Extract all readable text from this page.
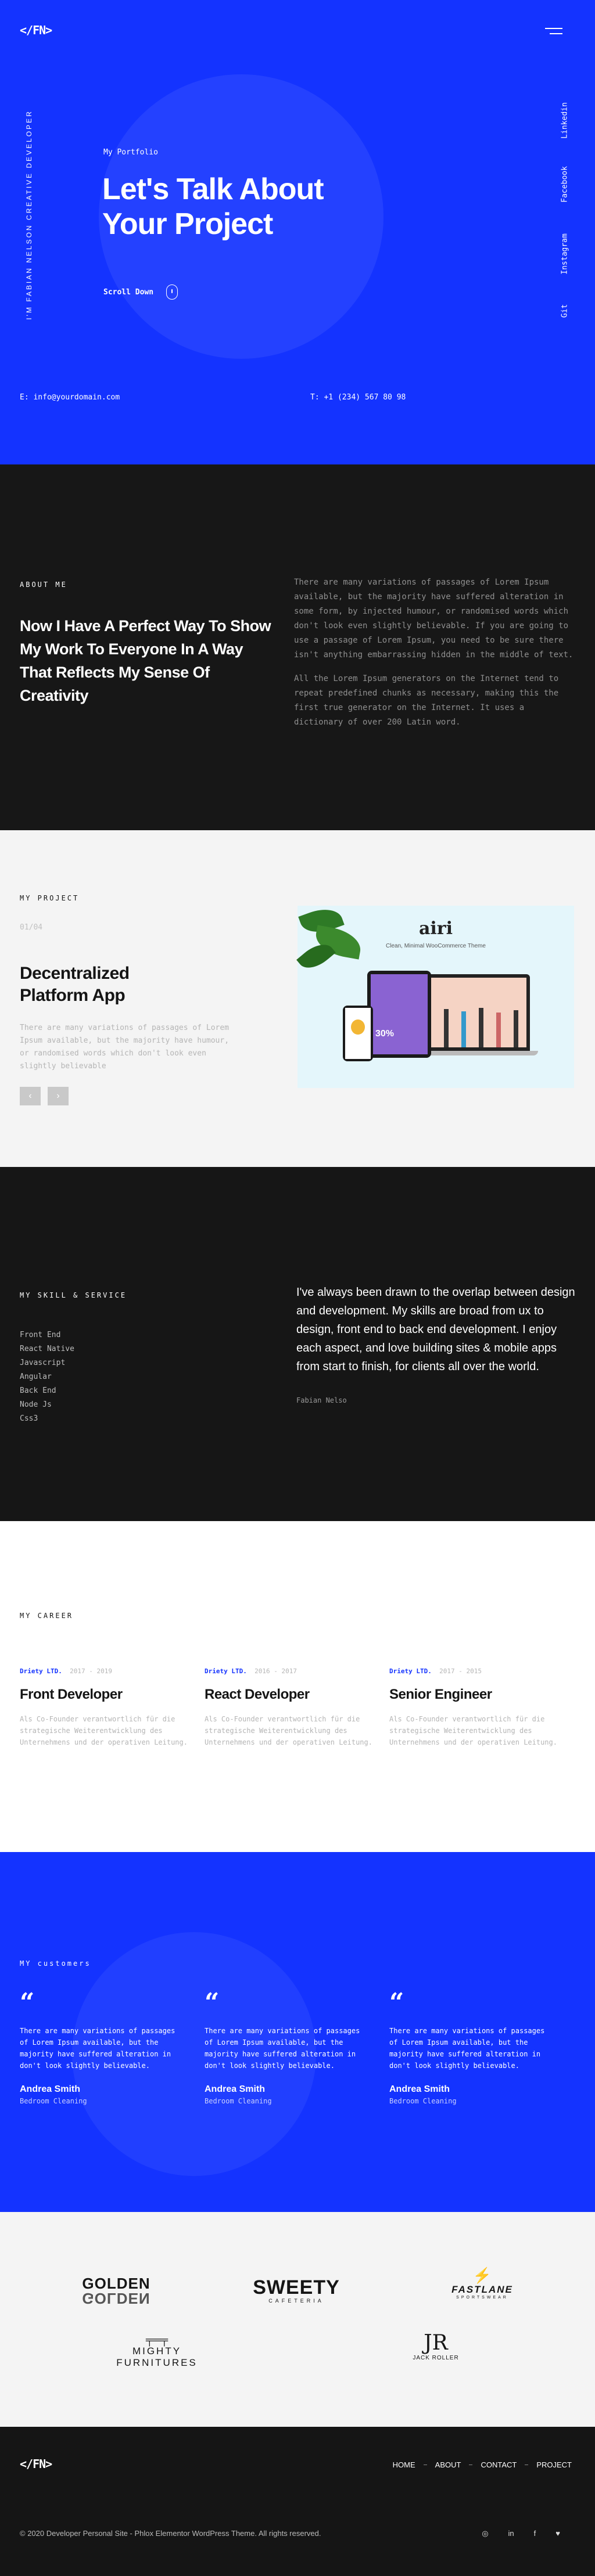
</FN>
I'M FABIAN NELSON CREATIVE DEVELOPER	Linkedin
Facebook
Instagram
Git
My Portfolio
Let's Talk About
Your Project
Scroll Down
E: info@yourdomain.com	T: +1 (234) 567 80 98
ABOUT ME
Now I Have A Perfect Way To Show My Work To Everyone In A Way That Reflects My Sense Of Creativity

There are many variations of passages of Lorem Ipsum available, but the majority have suffered alteration in some form, by injected humour, or randomised words which don't look even slightly believable. If you are going to use a passage of Lorem Ipsum, you need to be sure there isn't anything embarrassing hidden in the middle of text.

All the Lorem Ipsum generators on the Internet tend to repeat predefined chunks as necessary, making this the first true generator on the Internet. It uses a dictionary of over 200 Latin word.

MY PROJECT
01/04
Decentralized Platform App
There are many variations of passages of Lorem Ipsum available, but the majority have humour, or randomised words which don't look even slightly believable
‹	›
airi
Clean, Minimal WooCommerce Theme
30%
MY SKILL & SERVICE
Front End
React Native
Javascript
Angular
Back End
Node Js
Css3
I've always been drawn to the overlap between design and development. My skills are broad from ux to design, front end to back end development. I enjoy each aspect, and love building sites & mobile apps from start to finish, for clients all over the world.
Fabian Nelso
MY CAREER
Driety LTD. 2017 - 2019
Front Developer
Als Co-Founder verantwortlich für die strategische Weiterentwicklung des Unternehmens und der operativen Leitung.
Driety LTD. 2016 - 2017
React Developer
Als Co-Founder verantwortlich für die strategische Weiterentwicklung des Unternehmens und der operativen Leitung.
Driety LTD. 2017 - 2015
Senior Engineer
Als Co-Founder verantwortlich für die strategische Weiterentwicklung des Unternehmens und der operativen Leitung.
MY customers
“
There are many variations of passages of Lorem Ipsum available, but the majority have suffered alteration in don't look slightly believable.
Andrea Smith
Bedroom Cleaning
“
There are many variations of passages of Lorem Ipsum available, but the majority have suffered alteration in don't look slightly believable.
Andrea Smith
Bedroom Cleaning
“
There are many variations of passages of Lorem Ipsum available, but the majority have suffered alteration in don't look slightly believable.
Andrea Smith
Bedroom Cleaning
GOLDEN
GOLDEN	SWEETY
CAFETERIA
⚡
FASTLANE
SPORTSWEAR
╤═╤
MIGHTY
FURNITURES
JR
JACK ROLLER
</FN>	HOME	ABOUT	CONTACT	PROJECT
© 2020 Developer Personal Site - Phlox Elementor WordPress Theme. All rights reserved.	◎	in	f	♥
